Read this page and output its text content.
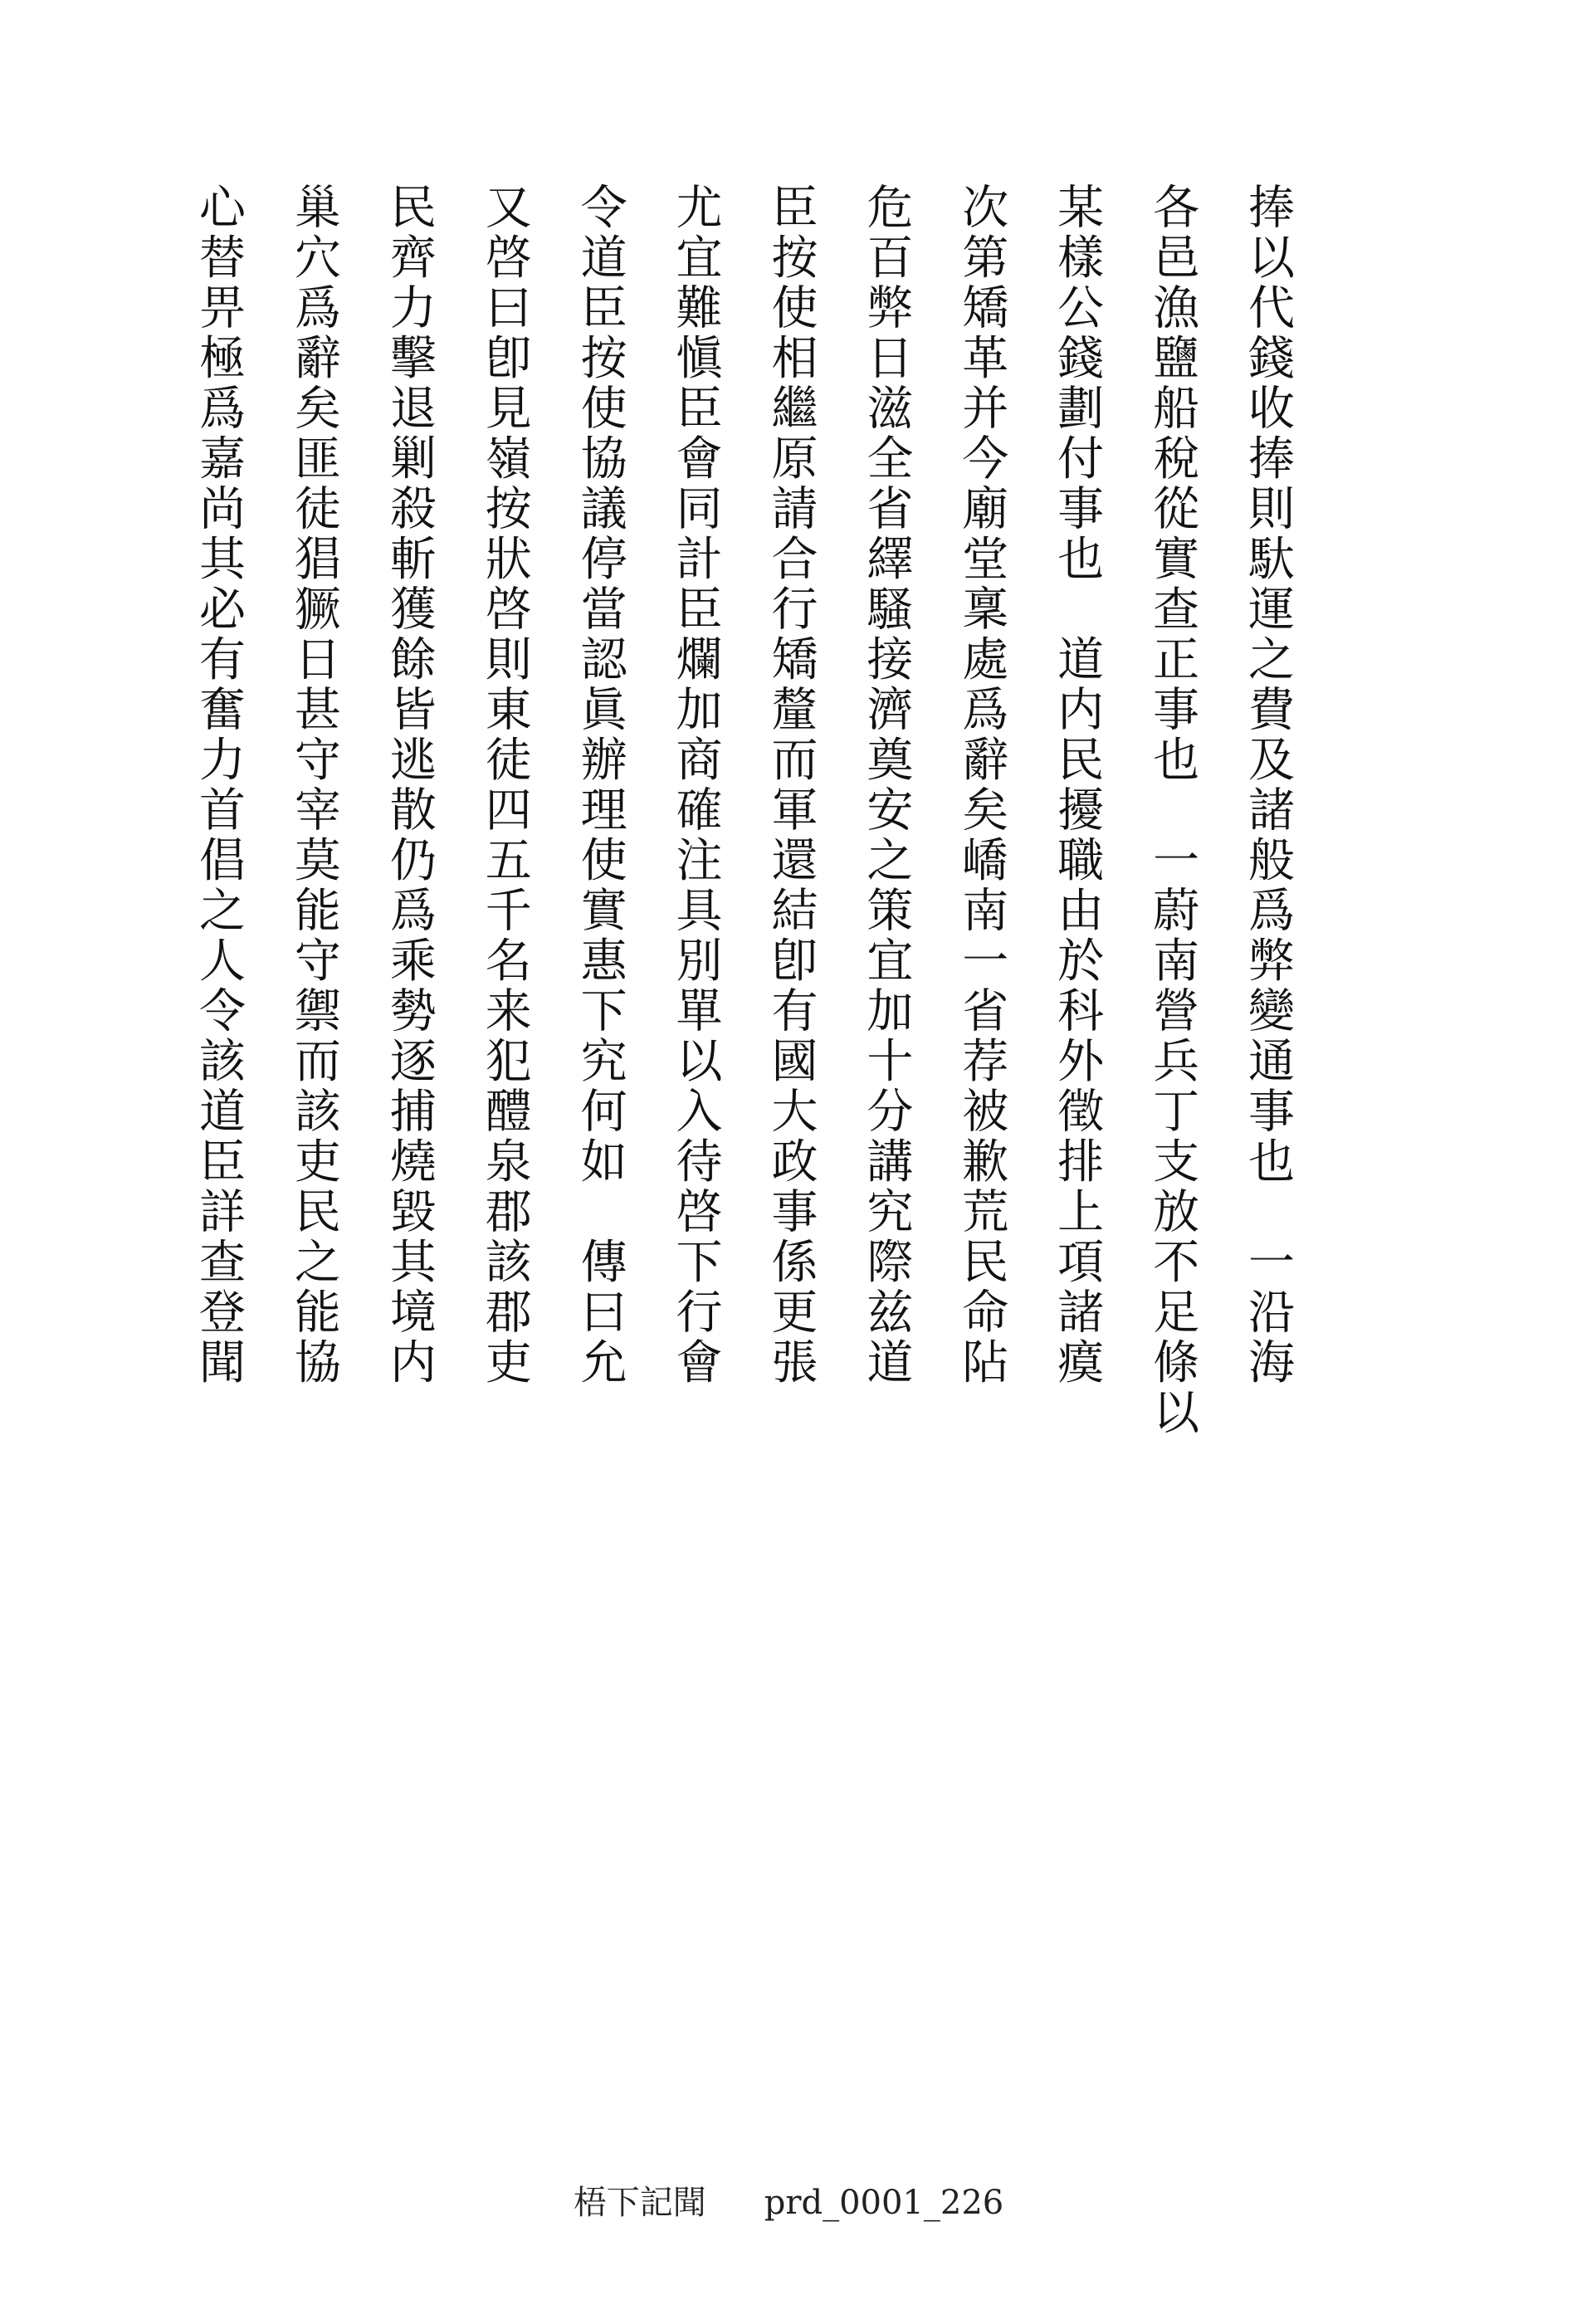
捧以代錢收捧則馱運之費及諸般爲弊變通事也　一沿海
各邑漁鹽船稅從實查正事也　一蔚南營兵丁支放不足條以
某樣公錢劃付事也　道内民擾職由於科外徵排上項諸瘼
次第矯革并今廟堂稟處爲辭矣嶠南一省荐被歉荒民命阽
危百弊日滋全省繹騷接濟奠安之策宜加十分講究際兹道
臣按使相繼原請合行矯釐而軍還結卽有國大政事係更張
尤宜難愼臣會同計臣爛加商確注具別單以入待啓下行會
令道臣按使協議停當認眞辦理使實惠下究何如　傳曰允
又啓曰卽見嶺按狀啓則東徒四五千名来犯醴泉郡該郡吏
民齊力擊退剿殺斬獲餘皆逃散仍爲乘勢逐捕燒毀其境内
巢穴爲辭矣匪徒猖獗日甚守宰莫能守禦而該吏民之能協
心替畀極爲嘉尚其必有奮力首倡之人令該道臣詳查登聞
梧下記聞 prd_0001_226
